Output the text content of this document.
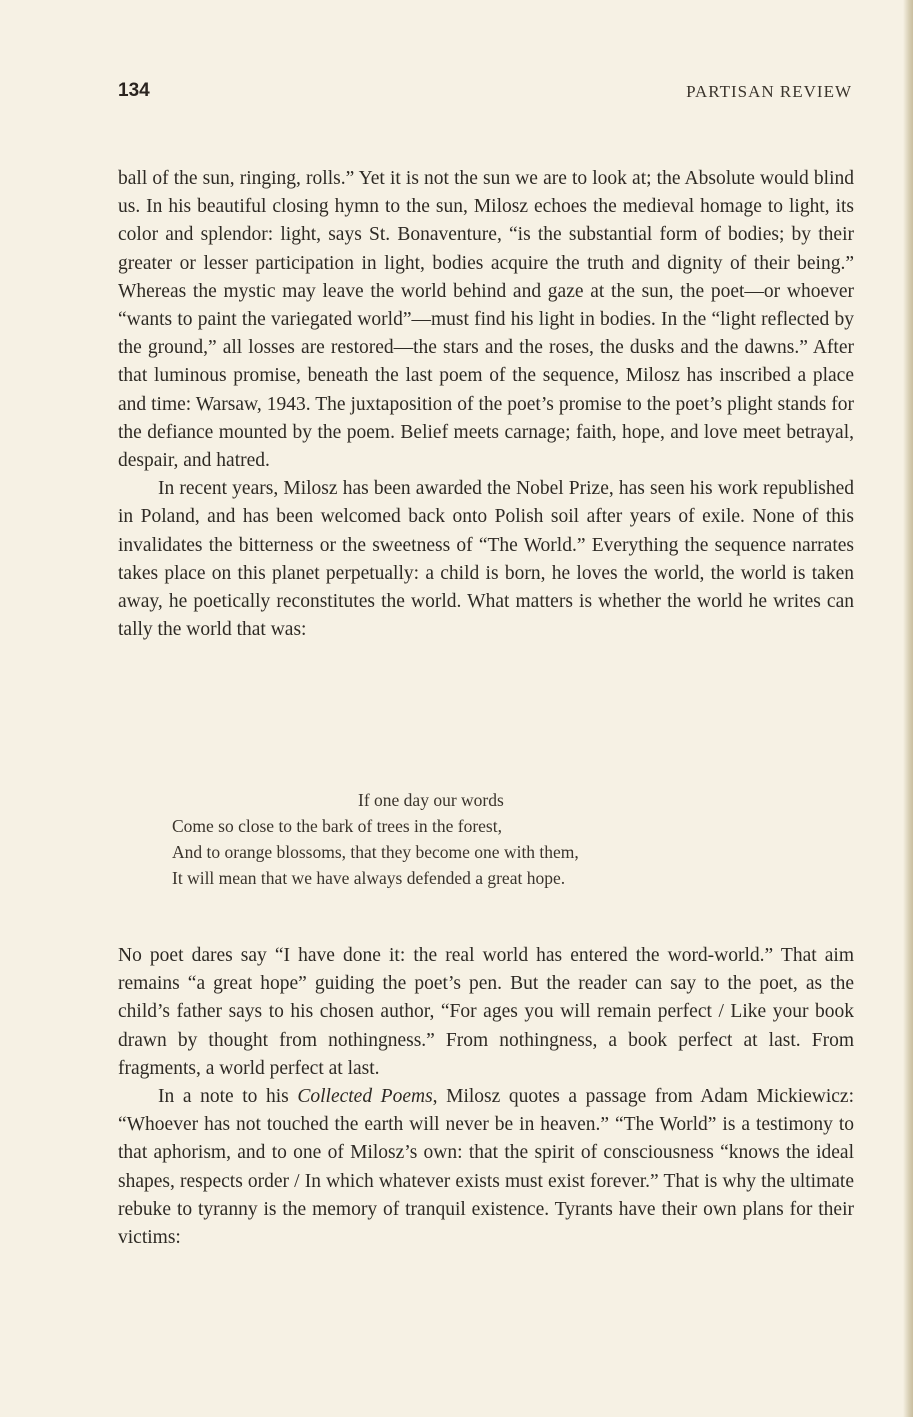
134	PARTISAN REVIEW

ball of the sun, ringing, rolls.” Yet it is not the sun we are to look at; the Absolute would blind us. In his beautiful closing hymn to the sun, Milosz echoes the medieval homage to light, its color and splendor: light, says St. Bonaventure, “is the substantial form of bodies; by their greater or lesser participation in light, bodies acquire the truth and dignity of their being.” Whereas the mystic may leave the world behind and gaze at the sun, the poet—or whoever “wants to paint the variegated world”—must find his light in bodies. In the “light reflected by the ground,” all losses are restored—the stars and the roses, the dusks and the dawns.” After that luminous promise, beneath the last poem of the sequence, Milosz has inscribed a place and time: Warsaw, 1943. The juxtaposition of the poet’s promise to the poet’s plight stands for the defiance mounted by the poem. Belief meets carnage; faith, hope, and love meet betrayal, despair, and hatred.

In recent years, Milosz has been awarded the Nobel Prize, has seen his work republished in Poland, and has been welcomed back onto Polish soil after years of exile. None of this invalidates the bitterness or the sweetness of “The World.” Everything the sequence narrates takes place on this planet perpetually: a child is born, he loves the world, the world is taken away, he poetically reconstitutes the world. What matters is whether the world he writes can tally the world that was:

If one day our words
Come so close to the bark of trees in the forest,
And to orange blossoms, that they become one with them,
It will mean that we have always defended a great hope.

No poet dares say “I have done it: the real world has entered the word-world.” That aim remains “a great hope” guiding the poet’s pen. But the reader can say to the poet, as the child’s father says to his chosen author, “For ages you will remain perfect / Like your book drawn by thought from nothingness.” From nothingness, a book perfect at last. From fragments, a world perfect at last.

In a note to his Collected Poems, Milosz quotes a passage from Adam Mickiewicz: “Whoever has not touched the earth will never be in heaven.” “The World” is a testimony to that aphorism, and to one of Milosz’s own: that the spirit of consciousness “knows the ideal shapes, respects order / In which whatever exists must exist forever.” That is why the ultimate rebuke to tyranny is the memory of tranquil existence. Tyrants have their own plans for their victims:
